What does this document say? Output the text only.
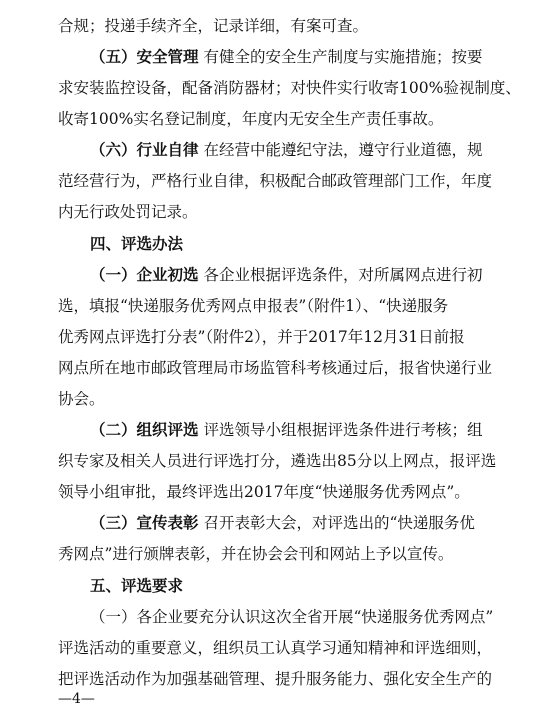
合规；投递手续齐全，记录详细，有案可查。
（五）安全管理 有健全的安全生产制度与实施措施；按要
求安装监控设备，配备消防器材；对快件实行收寄100%验视制度、
收寄100%实名登记制度，年度内无安全生产责任事故。
（六）行业自律 在经营中能遵纪守法，遵守行业道德，规
范经营行为，严格行业自律，积极配合邮政管理部门工作，年度
内无行政处罚记录。
四、评选办法
（一）企业初选 各企业根据评选条件，对所属网点进行初
选，填报“快递服务优秀网点申报表”（附件1）、“快递服务
优秀网点评选打分表”（附件2），并于2017年12月31日前报
网点所在地市邮政管理局市场监管科考核通过后，报省快递行业
协会。
（二）组织评选 评选领导小组根据评选条件进行考核；组
织专家及相关人员进行评选打分，遴选出85分以上网点，报评选
领导小组审批，最终评选出2017年度“快递服务优秀网点”。
（三）宣传表彰 召开表彰大会，对评选出的“快递服务优
秀网点”进行颁牌表彰，并在协会会刊和网站上予以宣传。
五、评选要求
（一）各企业要充分认识这次全省开展“快递服务优秀网点”
评选活动的重要意义，组织员工认真学习通知精神和评选细则，
把评选活动作为加强基础管理、提升服务能力、强化安全生产的
—4—
